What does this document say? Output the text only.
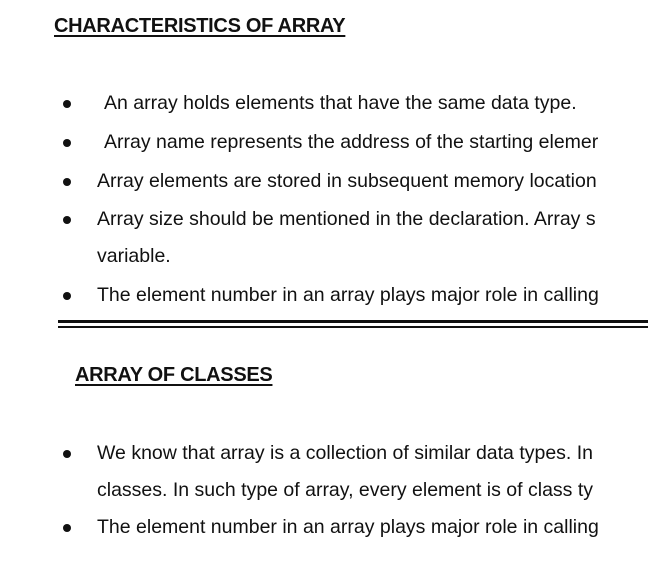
CHARACTERISTICS OF ARRAY
An array holds elements that have the same data type.
Array name represents the address of the starting elemer
Array elements are stored in subsequent memory location
Array size should be mentioned in the declaration. Array s
variable.
The element number in an array plays major role in calling
ARRAY OF CLASSES
We know that array is a collection of similar data types. In
classes. In such type of array, every element is of class ty
The element number in an array plays major role in calling
